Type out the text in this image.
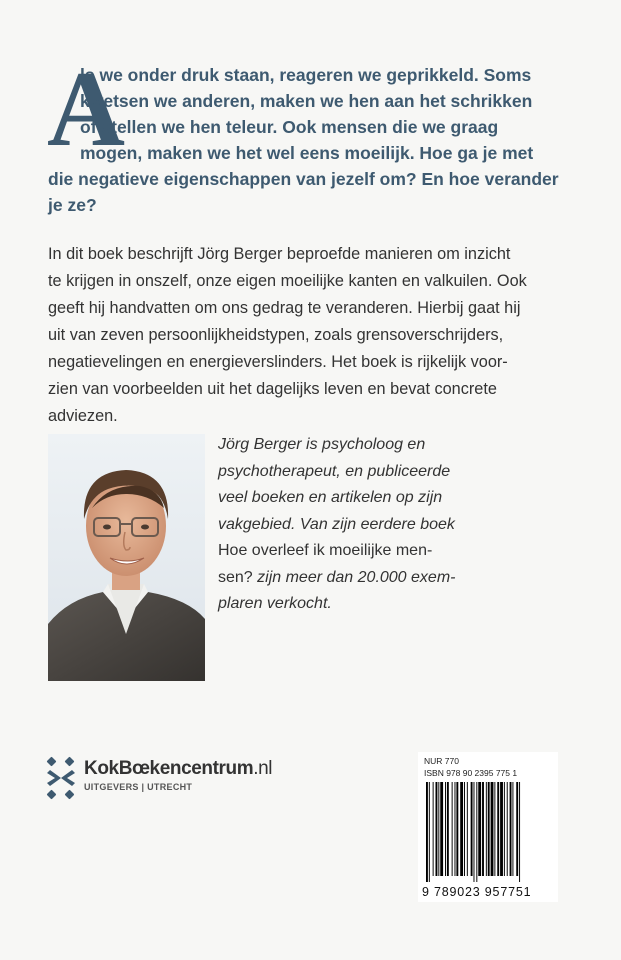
A
ls we onder druk staan, reageren we geprikkeld. Soms
kwetsen we anderen, maken we hen aan het schrikken
of stellen we hen teleur. Ook mensen die we graag
mogen, maken we het wel eens moeilijk. Hoe ga je met
die negatieve eigenschappen van jezelf om? En hoe verander
je ze?
In dit boek beschrijft Jörg Berger beproefde manieren om inzicht
te krijgen in onszelf, onze eigen moeilijke kanten en valkuilen. Ook
geeft hij handvatten om ons gedrag te veranderen. Hierbij gaat hij
uit van zeven persoonlijkheidstypen, zoals grensoverschrijders,
negatievelingen en energieverslinders. Het boek is rijkelijk voor-
zien van voorbeelden uit het dagelijks leven en bevat concrete
adviezen.
Jörg Berger is psycholoog en
psychotherapeut, en publiceerde
veel boeken en artikelen op zijn
vakgebied. Van zijn eerdere boek
Hoe overleef ik moeilijke men-
sen? zijn meer dan 20.000 exem-
plaren verkocht.
KokBœkencentrum.nl
UITGEVERS | UTRECHT
NUR 770
ISBN 978 90 2395 775 1
9 789023 957751
